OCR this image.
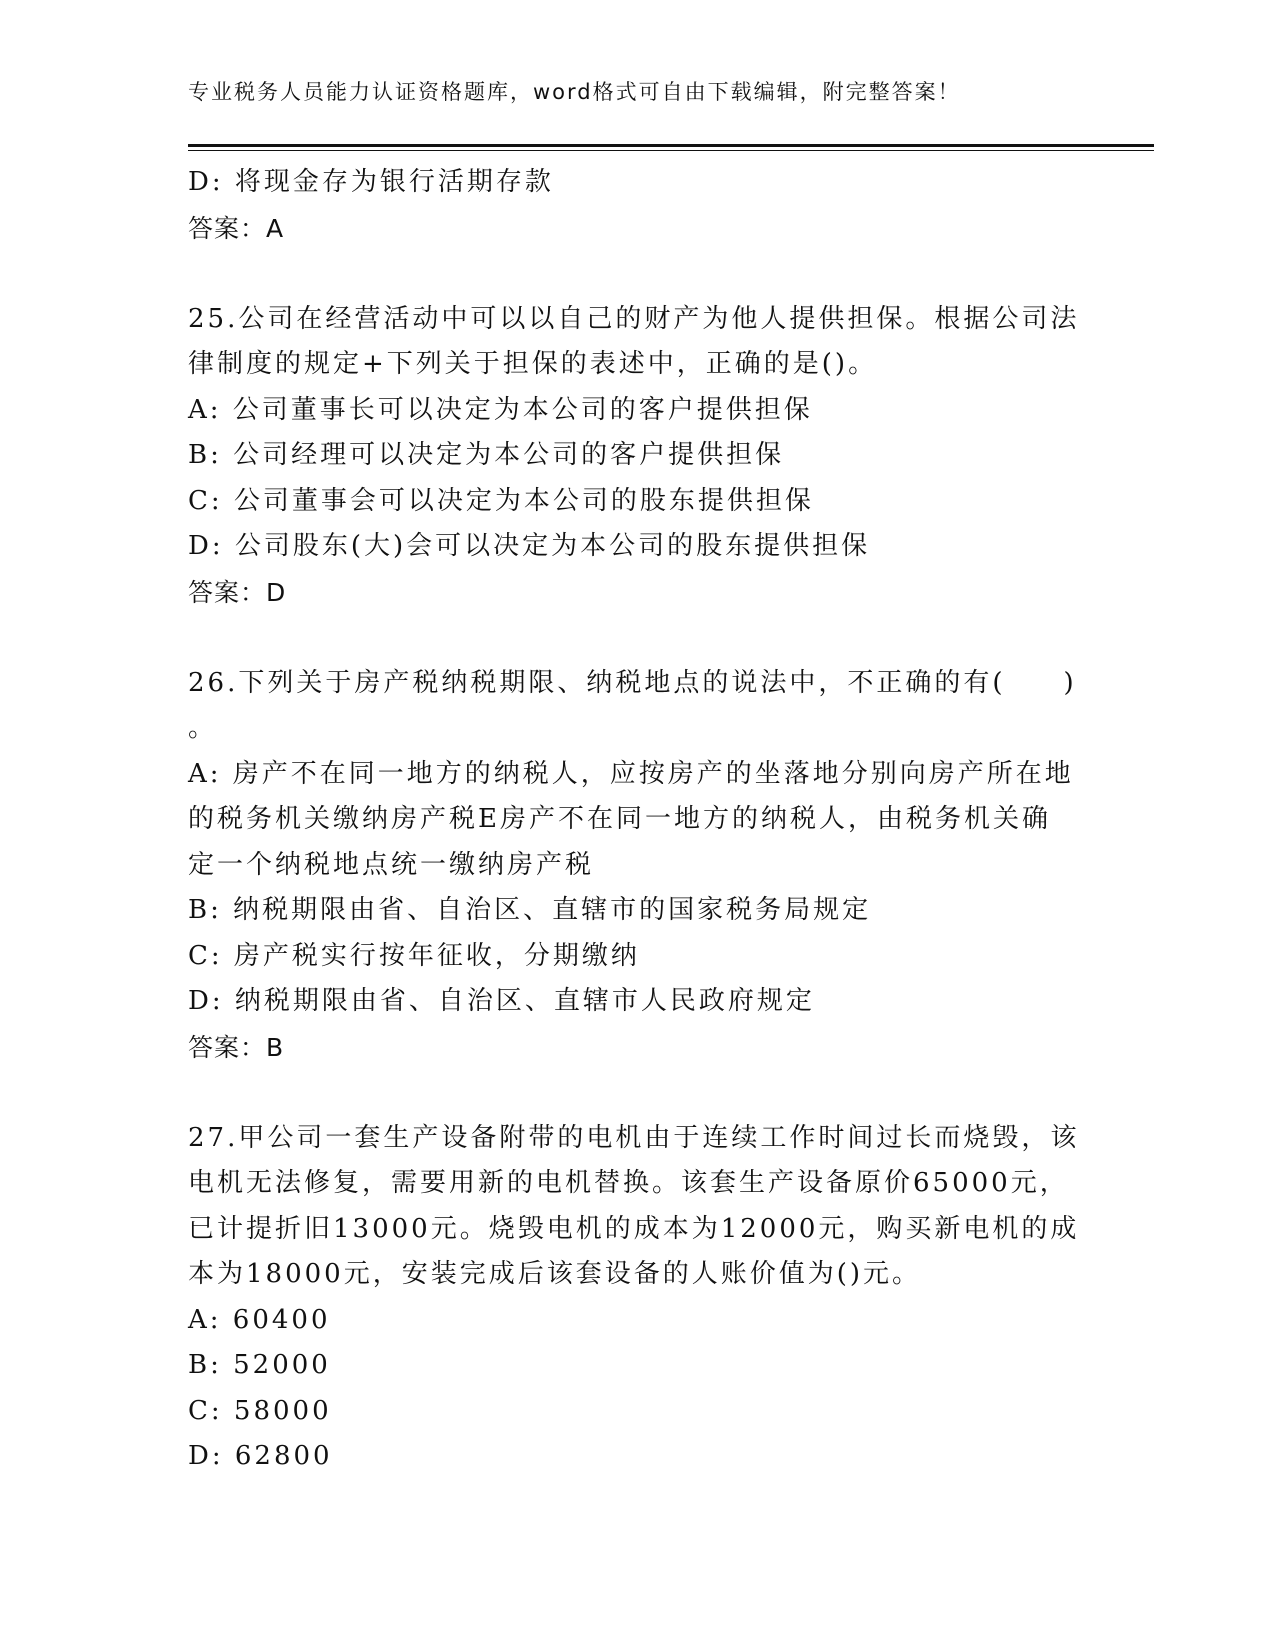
专业税务人员能力认证资格题库，word格式可自由下载编辑，附完整答案！
D: 将现金存为银行活期存款
答案：A
25.公司在经营活动中可以以自己的财产为他人提供担保。根据公司法
律制度的规定+下列关于担保的表述中，正确的是()。
A: 公司董事长可以决定为本公司的客户提供担保
B: 公司经理可以决定为本公司的客户提供担保
C: 公司董事会可以决定为本公司的股东提供担保
D: 公司股东(大)会可以决定为本公司的股东提供担保
答案：D
26.下列关于房产税纳税期限、纳税地点的说法中，不正确的有(　　)
。
A: 房产不在同一地方的纳税人，应按房产的坐落地分别向房产所在地
的税务机关缴纳房产税E房产不在同一地方的纳税人，由税务机关确
定一个纳税地点统一缴纳房产税
B: 纳税期限由省、自治区、直辖市的国家税务局规定
C: 房产税实行按年征收，分期缴纳
D: 纳税期限由省、自治区、直辖市人民政府规定
答案：B
27.甲公司一套生产设备附带的电机由于连续工作时间过长而烧毁，该
电机无法修复，需要用新的电机替换。该套生产设备原价65000元，
已计提折旧13000元。烧毁电机的成本为12000元，购买新电机的成
本为18000元，安装完成后该套设备的人账价值为()元。
A: 60400
B: 52000
C: 58000
D: 62800
